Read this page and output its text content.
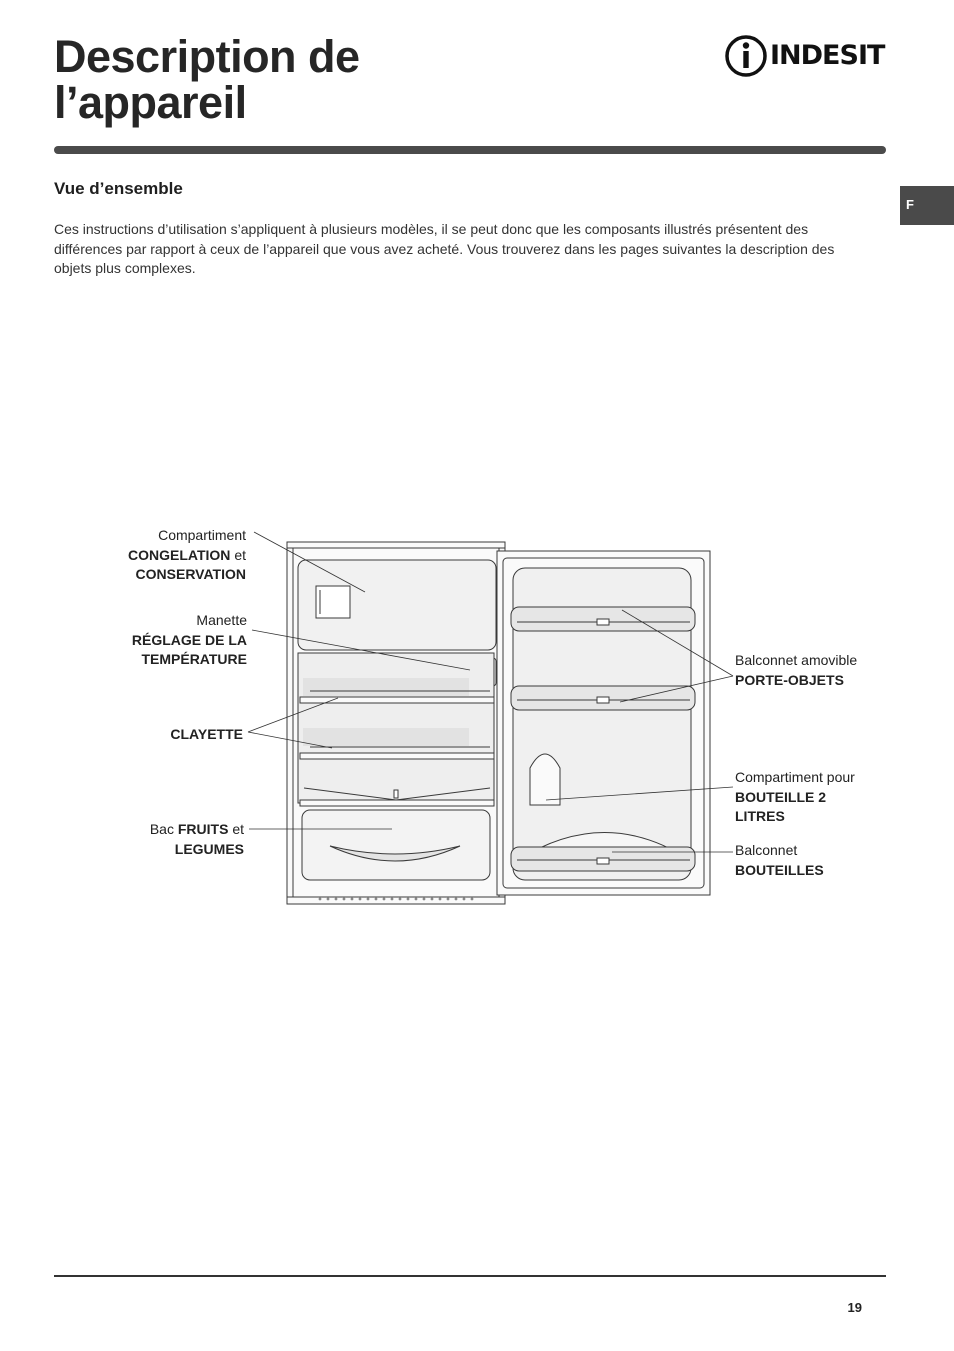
Description de
l’appareil
INDESIT
Vue d’ensemble

Ces instructions d’utilisation s’appliquent à plusieurs modèles, il se peut donc que les composants illustrés présentent des différences par rapport à ceux de l’appareil que vous avez acheté. Vous trouverez dans les pages suivantes la description des objets plus complexes.

F
Compartiment
CONGELATION et
CONSERVATION
Manette
RÉGLAGE DE LA
TEMPÉRATURE
CLAYETTE
Bac FRUITS et
LEGUMES
Balconnet amovible
PORTE-OBJETS
Compartiment pour
BOUTEILLE 2
LITRES
Balconnet
BOUTEILLES
19
